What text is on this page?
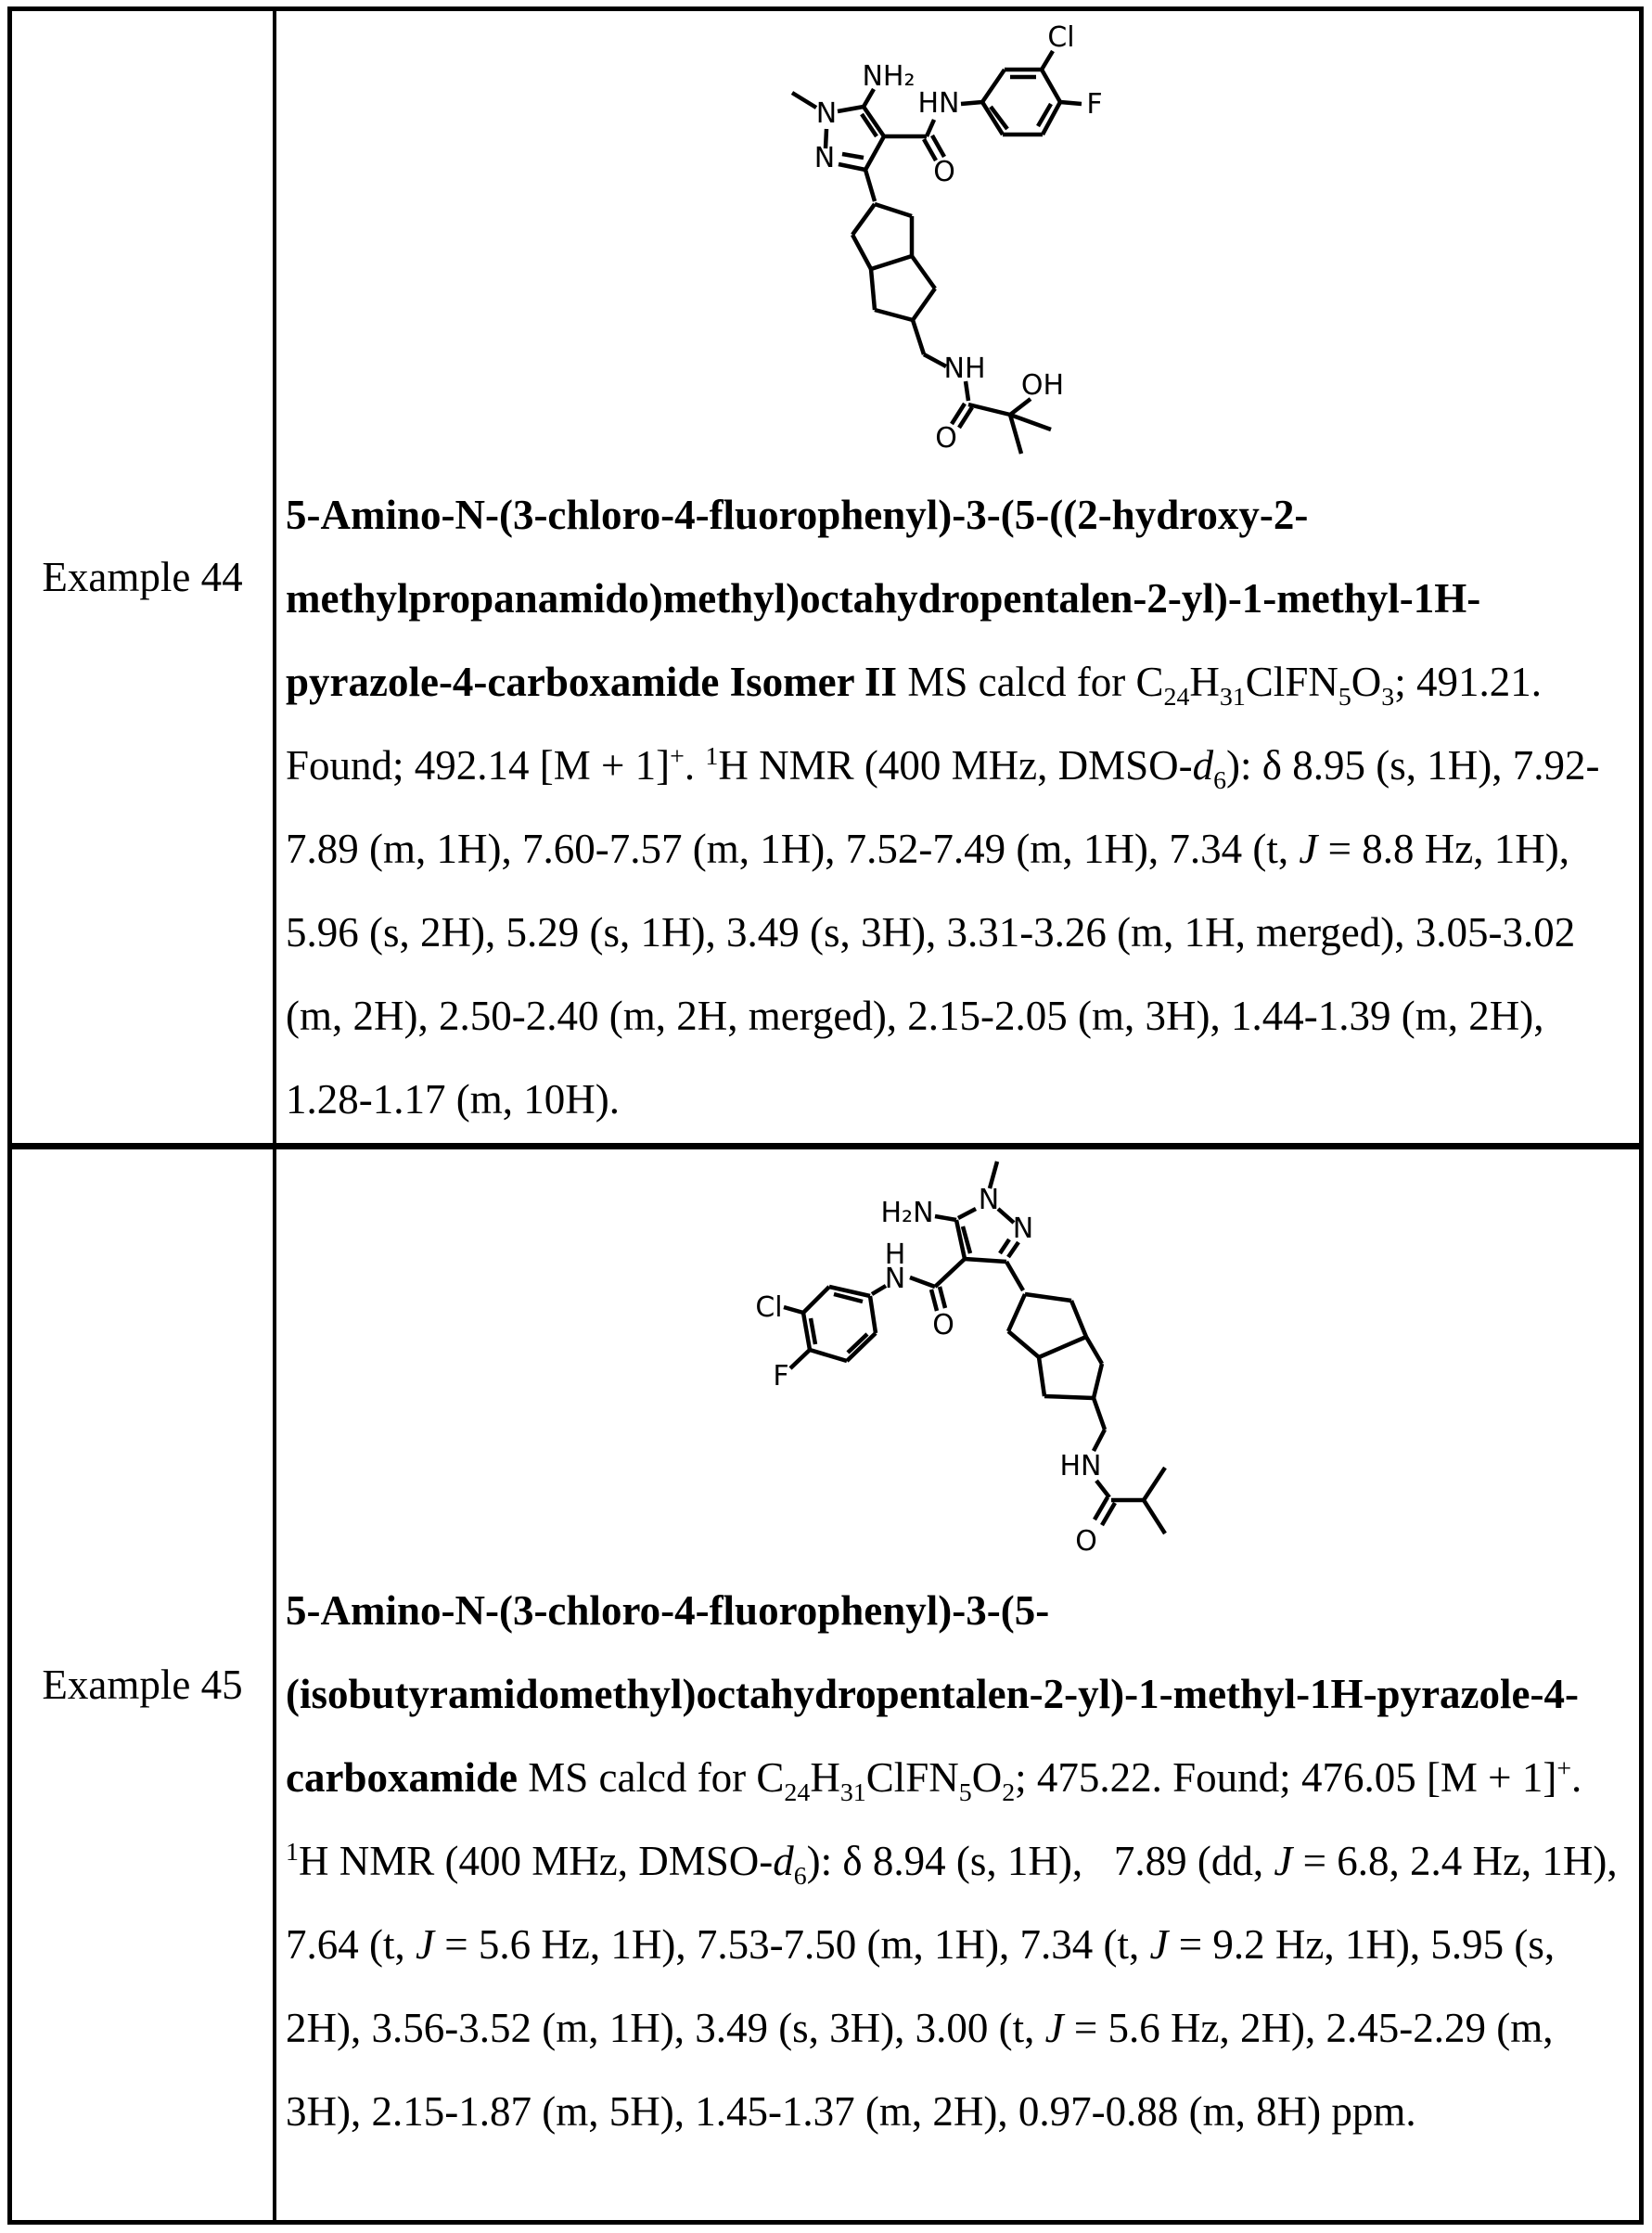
Example 44
NH₂
N
N
HN
O
Cl
F
NH
O
OH

5-Amino-N-(3-chloro-4-fluorophenyl)-3-(5-((2-hydroxy-2-methylpropanamido)methyl)octahydropentalen-2-yl)-1-methyl-1H-pyrazole-4-carboxamide Isomer II MS calcd for $C_{24}H_{31}ClFN_5O_3$; 491.21. Found; 492.14 [M + 1]+. $^1$H NMR (400 MHz, DMSO-$d_6$): δ 8.95 (s, 1H), 7.92-7.89 (m, 1H), 7.60-7.57 (m, 1H), 7.52-7.49 (m, 1H), 7.34 (t, J = 8.8 Hz, 1H), 5.96 (s, 2H), 5.29 (s, 1H), 3.49 (s, 3H), 3.31-3.26 (m, 1H, merged), 3.05-3.02 (m, 2H), 2.50-2.40 (m, 2H, merged), 2.15-2.05 (m, 3H), 1.44-1.39 (m, 2H), 1.28-1.17 (m, 10H).

Example 45
H₂N N
N
H
N
O
Cl
F
HN
O

5-Amino-N-(3-chloro-4-fluorophenyl)-3-(5-(isobutyramidomethyl)octahydropentalen-2-yl)-1-methyl-1H-pyrazole-4-carboxamide MS calcd for $C_{24}H_{31}ClFN_5O_2$; 475.22. Found; 476.05 [M + 1]+. $^1$H NMR (400 MHz, DMSO-$d_6$): δ 8.94 (s, 1H),   7.89 (dd, J = 6.8, 2.4 Hz, 1H), 7.64 (t, J = 5.6 Hz, 1H), 7.53-7.50 (m, 1H), 7.34 (t, J = 9.2 Hz, 1H), 5.95 (s, 2H), 3.56-3.52 (m, 1H), 3.49 (s, 3H), 3.00 (t, J = 5.6 Hz, 2H), 2.45-2.29 (m, 3H), 2.15-1.87 (m, 5H), 1.45-1.37 (m, 2H), 0.97-0.88 (m, 8H) ppm.
